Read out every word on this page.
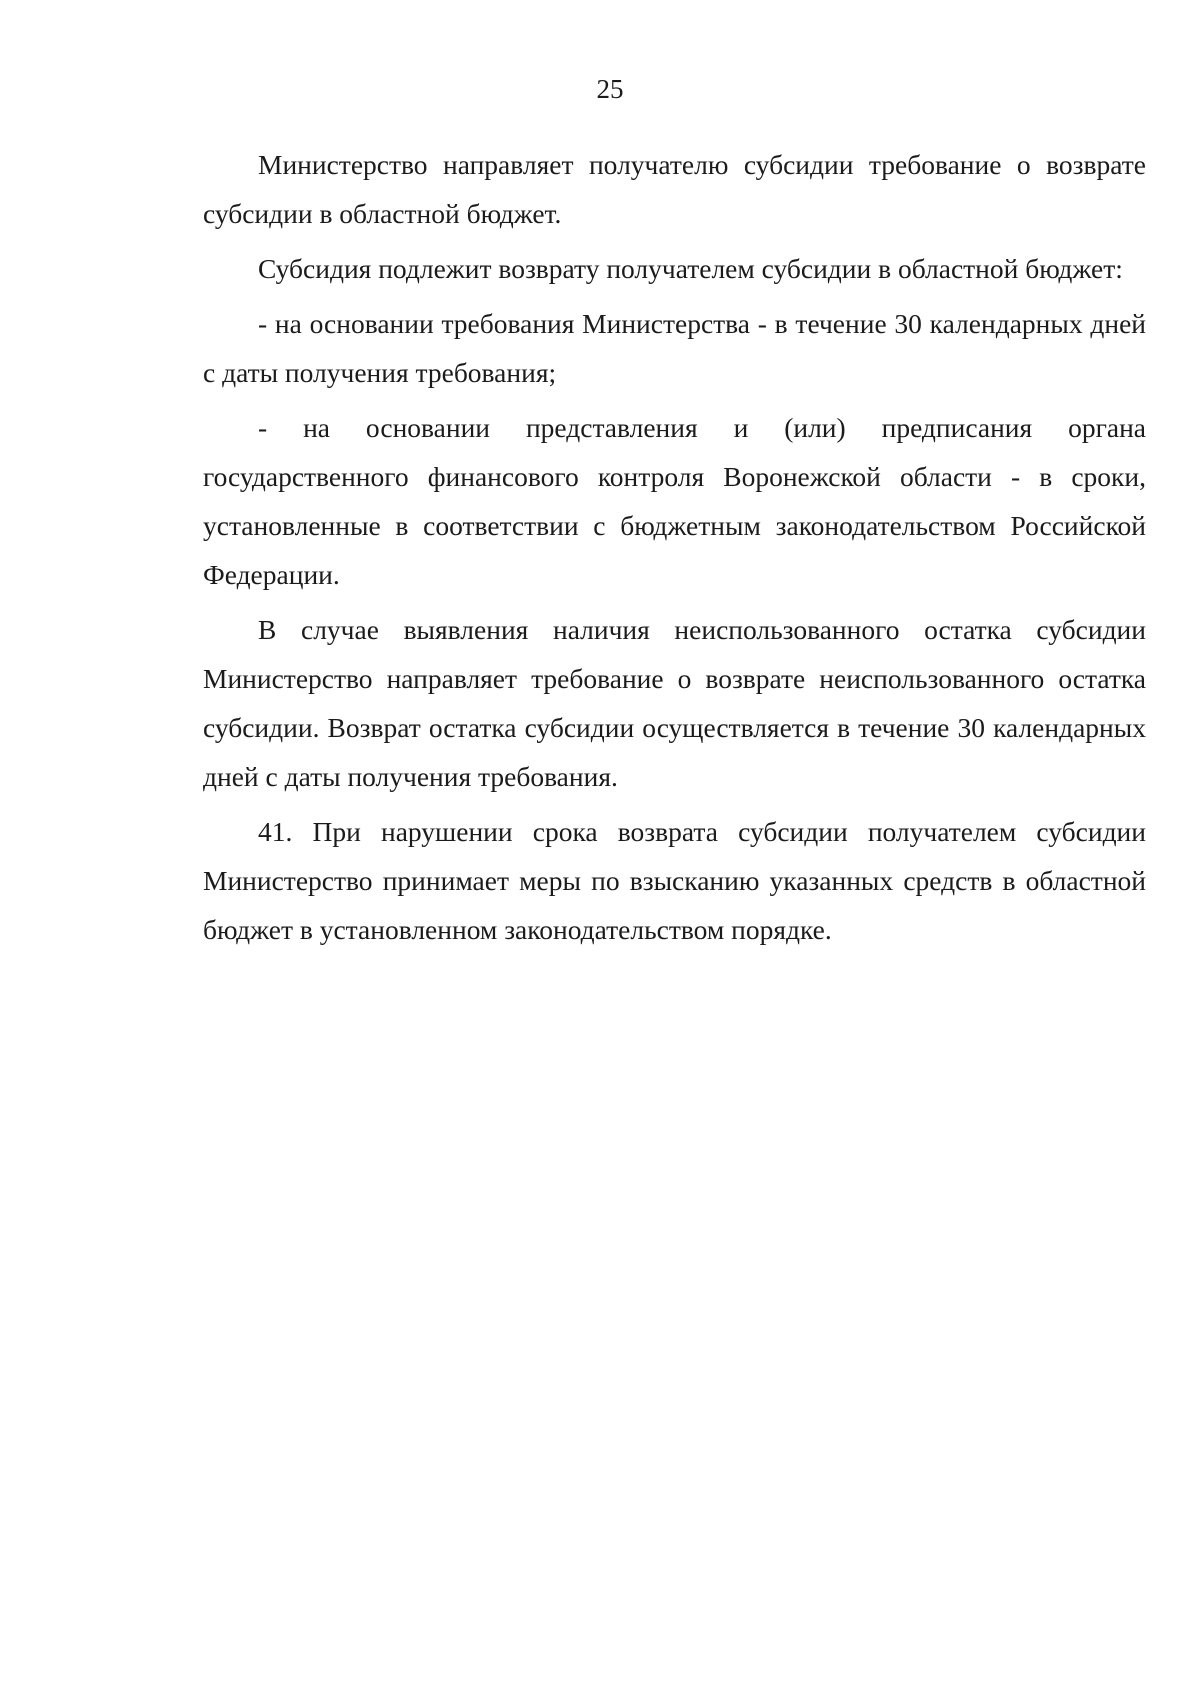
25

Министерство направляет получателю субсидии требование о возврате субсидии в областной бюджет.

Субсидия подлежит возврату получателем субсидии в областной бюджет:

- на основании требования Министерства - в течение 30 календарных дней с даты получения требования;

- на основании представления и (или) предписания органа государственного финансового контроля Воронежской области - в сроки, установленные в соответствии с бюджетным законодательством Российской Федерации.

В случае выявления наличия неиспользованного остатка субсидии Министерство направляет требование о возврате неиспользованного остатка субсидии. Возврат остатка субсидии осуществляется в течение 30 календарных дней с даты получения требования.

41. При нарушении срока возврата субсидии получателем субсидии Министерство принимает меры по взысканию указанных средств в областной бюджет в установленном законодательством порядке.
